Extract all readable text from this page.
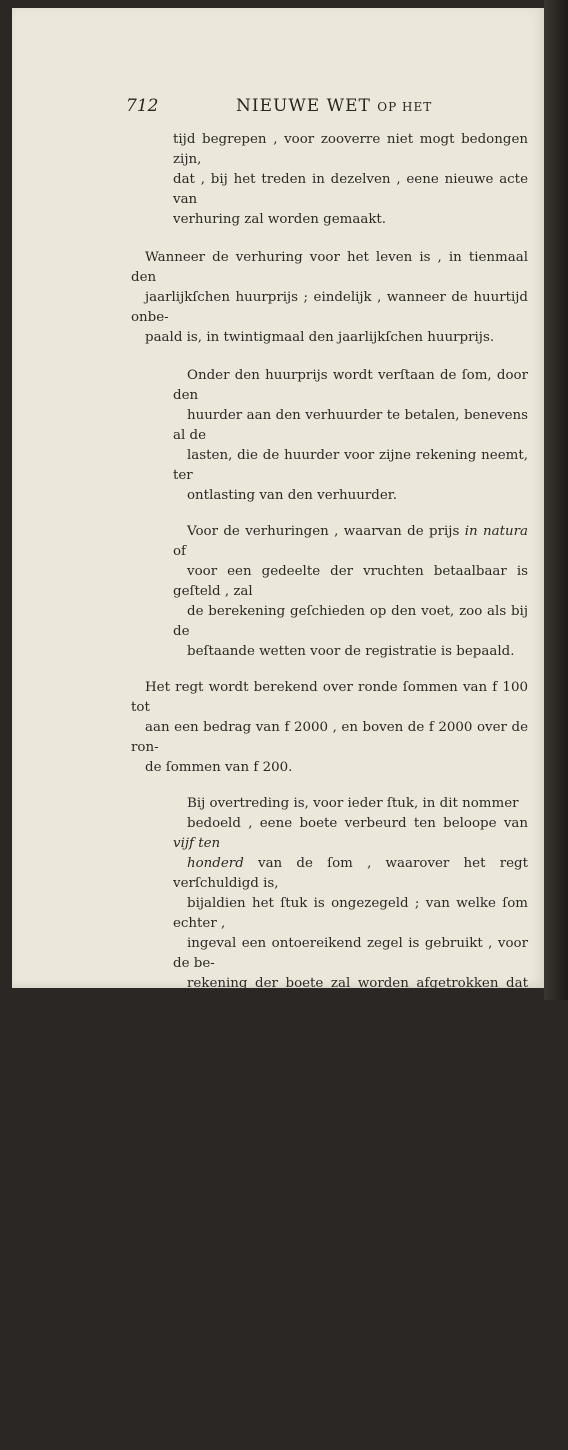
712	NIEUWE WET OP HET

tijd begrepen , voor zooverre niet mogt bedongen zijn,
dat , bij het treden in dezelven , eene nieuwe acte van
verhuring zal worden gemaakt.

Wanneer de verhuring voor het leven is , in tienmaal den
jaarlijkſchen huurprijs ; eindelijk , wanneer de huurtijd onbe-
paald is, in twintigmaal den jaarlijkſchen huurprijs.

Onder den huurprijs wordt verſtaan de ſom, door den
huurder aan den verhuurder te betalen, benevens al de
lasten, die de huurder voor zijne rekening neemt, ter
ontlasting van den verhuurder.

Voor de verhuringen , waarvan de prijs in natura of
voor een gedeelte der vruchten betaalbaar is geſteld , zal
de berekening geſchieden op den voet, zoo als bij de
beſtaande wetten voor de registratie is bepaald.

Het regt wordt berekend over ronde ſommen van f 100 tot
aan een bedrag van f 2000 , en boven de f 2000 over de ron-
de ſommen van f 200.

Bij overtreding is, voor ieder ſtuk, in dit nommer
bedoeld , eene boete verbeurd ten beloope van vijf ten
honderd van de ſom , waarover het regt verſchuldigd is,
bijaldien het ſtuk is ongezegeld ; van welke ſom echter ,
ingeval een ontoereikend zegel is gebruikt , voor de be-
rekening der boete zal worden afgetrokken dat gedeelte,
waarvoor het gebezigde zegel , naar den aard van het
ſtuk , had kunnen worden gebruikt.

Wanneer de voormelde ſtukken buiten 's Lands of in de
Overzeeſche bezittingen van het Rijk zijn opgemaakt of verle-
den , moet daarvan het zegelregt worden voldaan , alvorens van
dezelve, op de wijze bij art. 8 vermeld, binnen het Rijk eenig
gebruik of melding kan worden gemaakt , behoudens echter de
uitzondering , opgenoemd bij laatstgemeld artikel , onder de let-
ters b en c.

2°. Alle prima- , ſecunda- , tertia- en verdere wisſelbrieven ,
orderbriefjes of promesſen aan order , asſignatien , bank
en ander papier aan toonder , en ander handelspapier
